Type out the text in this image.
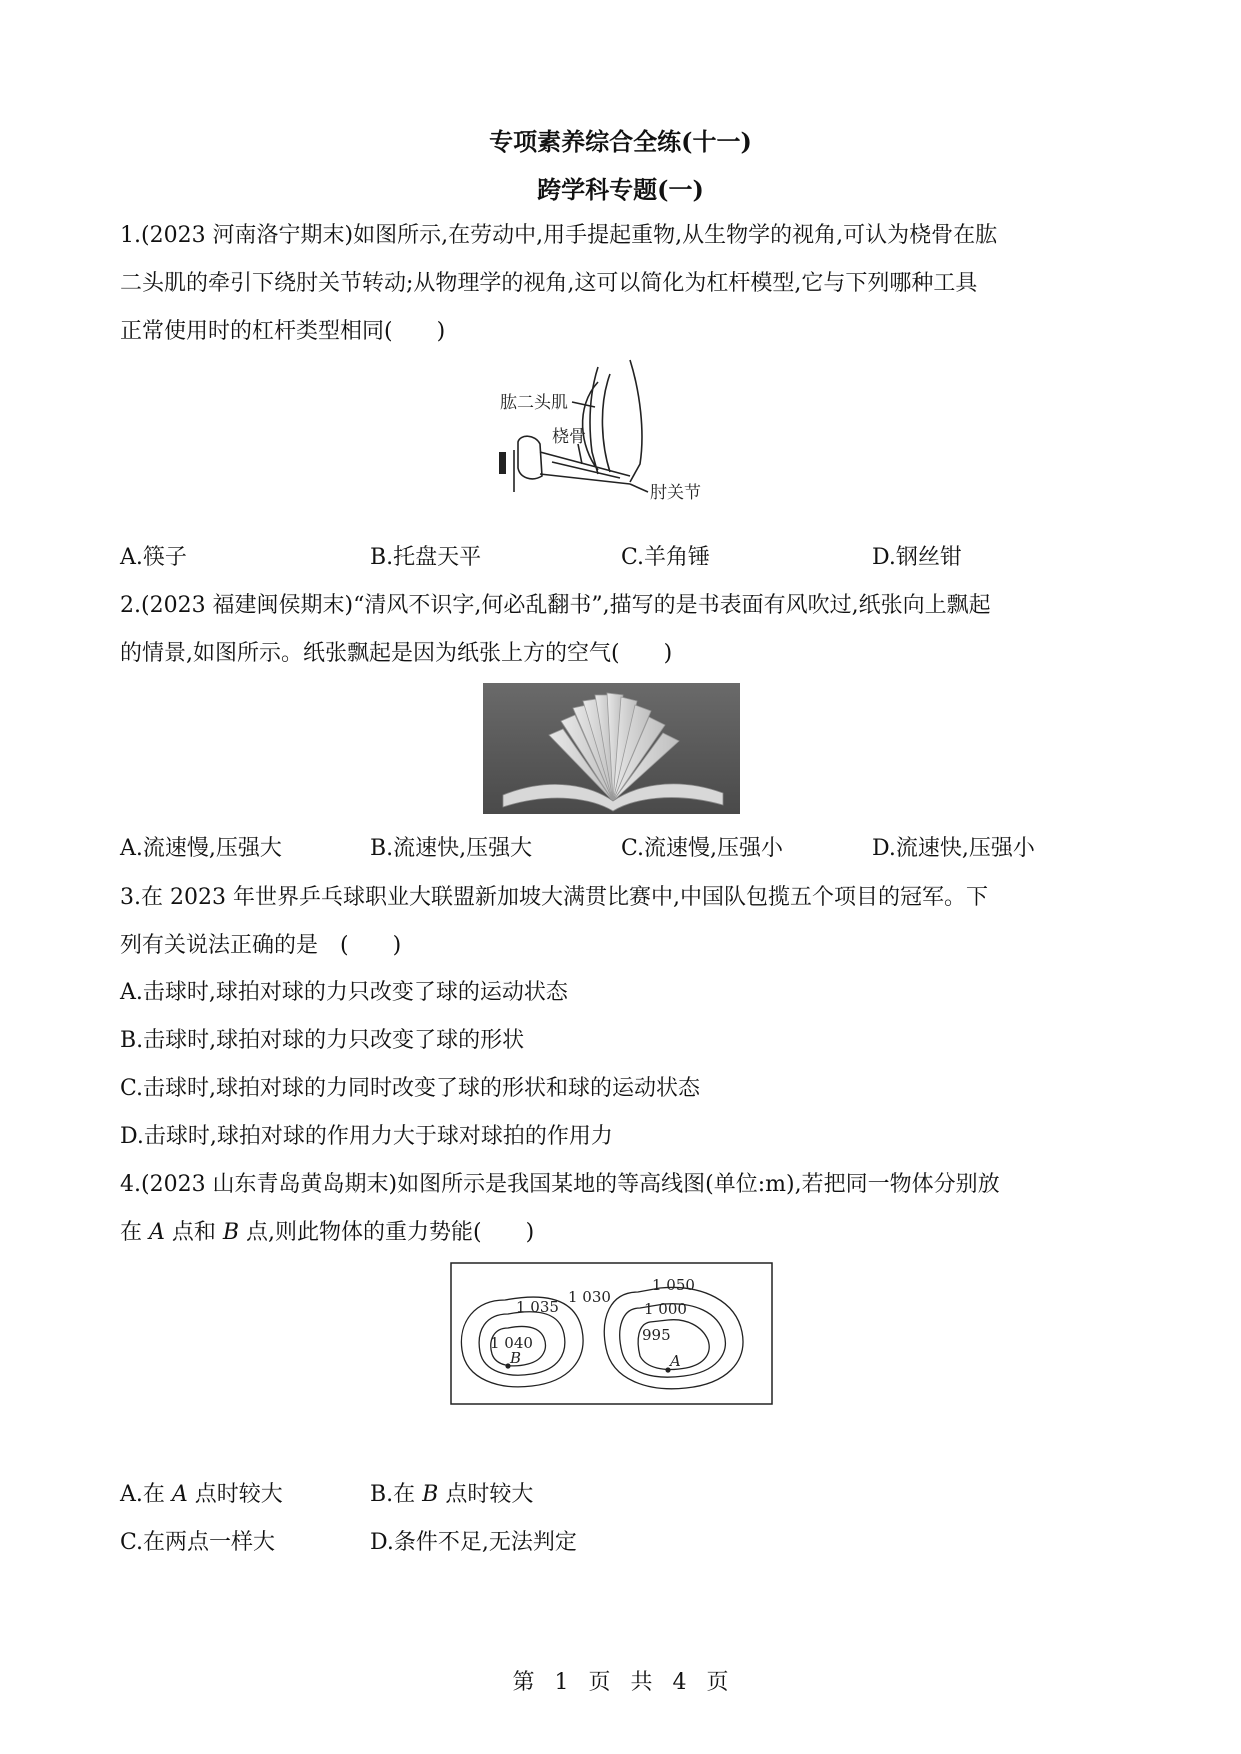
专项素养综合全练(十一)
跨学科专题(一)
1.(2023 河南洛宁期末)如图所示,在劳动中,用手提起重物,从生物学的视角,可认为桡骨在肱
二头肌的牵引下绕肘关节转动;从物理学的视角,这可以简化为杠杆模型,它与下列哪种工具
正常使用时的杠杆类型相同(　　)
肱二头肌
桡骨
肘关节
A.筷子	B.托盘天平	C.羊角锤	D.钢丝钳
2.(2023 福建闽侯期末)“清风不识字,何必乱翻书”,描写的是书表面有风吹过,纸张向上飘起
的情景,如图所示。纸张飘起是因为纸张上方的空气(　　)
A.流速慢,压强大	B.流速快,压强大	C.流速慢,压强小	D.流速快,压强小
3.在 2023 年世界乒乓球职业大联盟新加坡大满贯比赛中,中国队包揽五个项目的冠军。下
列有关说法正确的是　(　　)
A.击球时,球拍对球的力只改变了球的运动状态
B.击球时,球拍对球的力只改变了球的形状
C.击球时,球拍对球的力同时改变了球的形状和球的运动状态
D.击球时,球拍对球的作用力大于球对球拍的作用力
4.(2023 山东青岛黄岛期末)如图所示是我国某地的等高线图(单位:m),若把同一物体分别放
在 A 点和 B 点,则此物体的重力势能(　　)
1 035
1 030
1 040
B
1 050
1 000
995
A
A.在 A 点时较大	B.在 B 点时较大
C.在两点一样大	D.条件不足,无法判定
第 1 页 共 4 页
